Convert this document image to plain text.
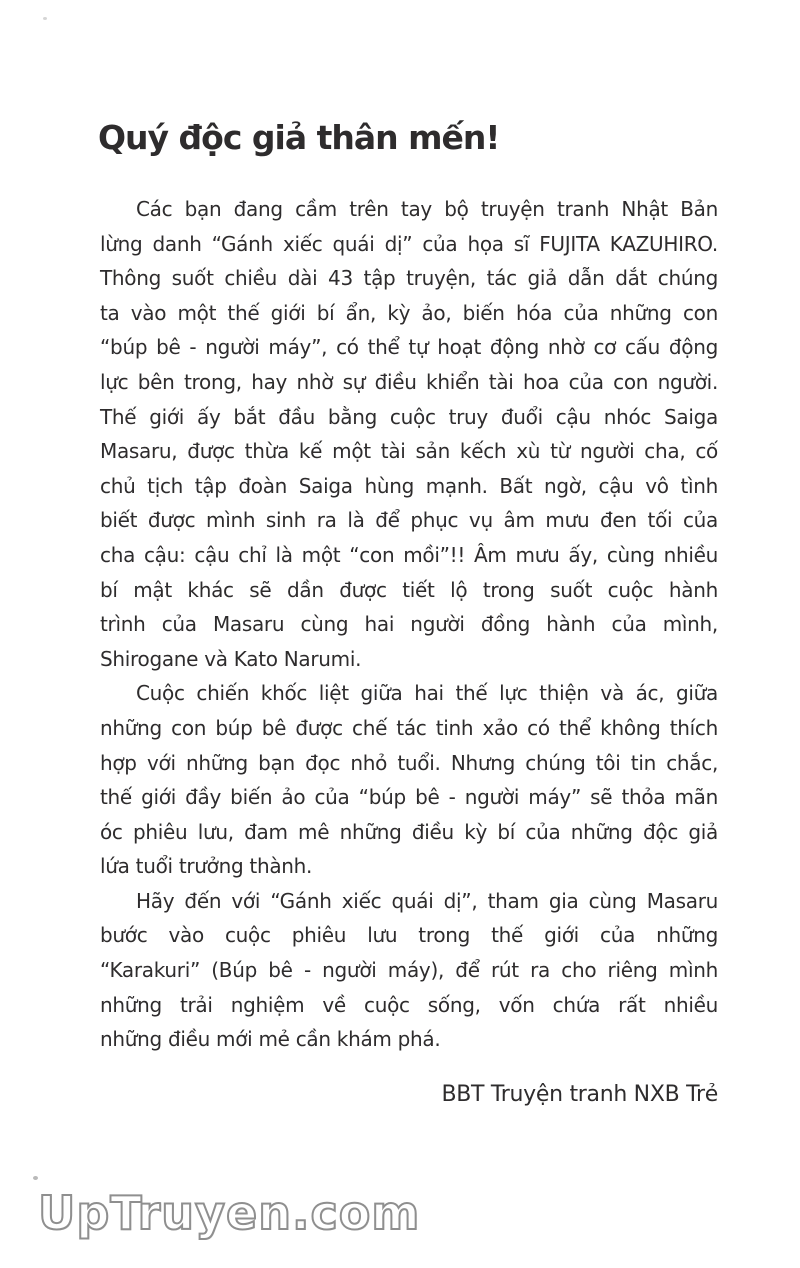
Quý độc giả thân mến!
Các bạn đang cầm trên tay bộ truyện tranh Nhật Bản
lừng danh “Gánh xiếc quái dị” của họa sĩ FUJITA KAZUHIRO.
Thông suốt chiều dài 43 tập truyện, tác giả dẫn dắt chúng
ta vào một thế giới bí ẩn, kỳ ảo, biến hóa của những con
“búp bê - người máy”, có thể tự hoạt động nhờ cơ cấu động
lực bên trong, hay nhờ sự điều khiển tài hoa của con người.
Thế giới ấy bắt đầu bằng cuộc truy đuổi cậu nhóc Saiga
Masaru, được thừa kế một tài sản kếch xù từ người cha, cố
chủ tịch tập đoàn Saiga hùng mạnh. Bất ngờ, cậu vô tình
biết được mình sinh ra là để phục vụ âm mưu đen tối của
cha cậu: cậu chỉ là một “con mồi”!! Âm mưu ấy, cùng nhiều
bí mật khác sẽ dần được tiết lộ trong suốt cuộc hành
trình của Masaru cùng hai người đồng hành của mình,
Shirogane và Kato Narumi.
Cuộc chiến khốc liệt giữa hai thế lực thiện và ác, giữa
những con búp bê được chế tác tinh xảo có thể không thích
hợp với những bạn đọc nhỏ tuổi. Nhưng chúng tôi tin chắc,
thế giới đầy biến ảo của “búp bê - người máy” sẽ thỏa mãn
óc phiêu lưu, đam mê những điều kỳ bí của những độc giả
lứa tuổi trưởng thành.
Hãy đến với “Gánh xiếc quái dị”, tham gia cùng Masaru
bước vào cuộc phiêu lưu trong thế giới của những
“Karakuri” (Búp bê - người máy), để rút ra cho riêng mình
những trải nghiệm về cuộc sống, vốn chứa rất nhiều
những điều mới mẻ cần khám phá.
BBT Truyện tranh NXB Trẻ
UpTruyen.com
